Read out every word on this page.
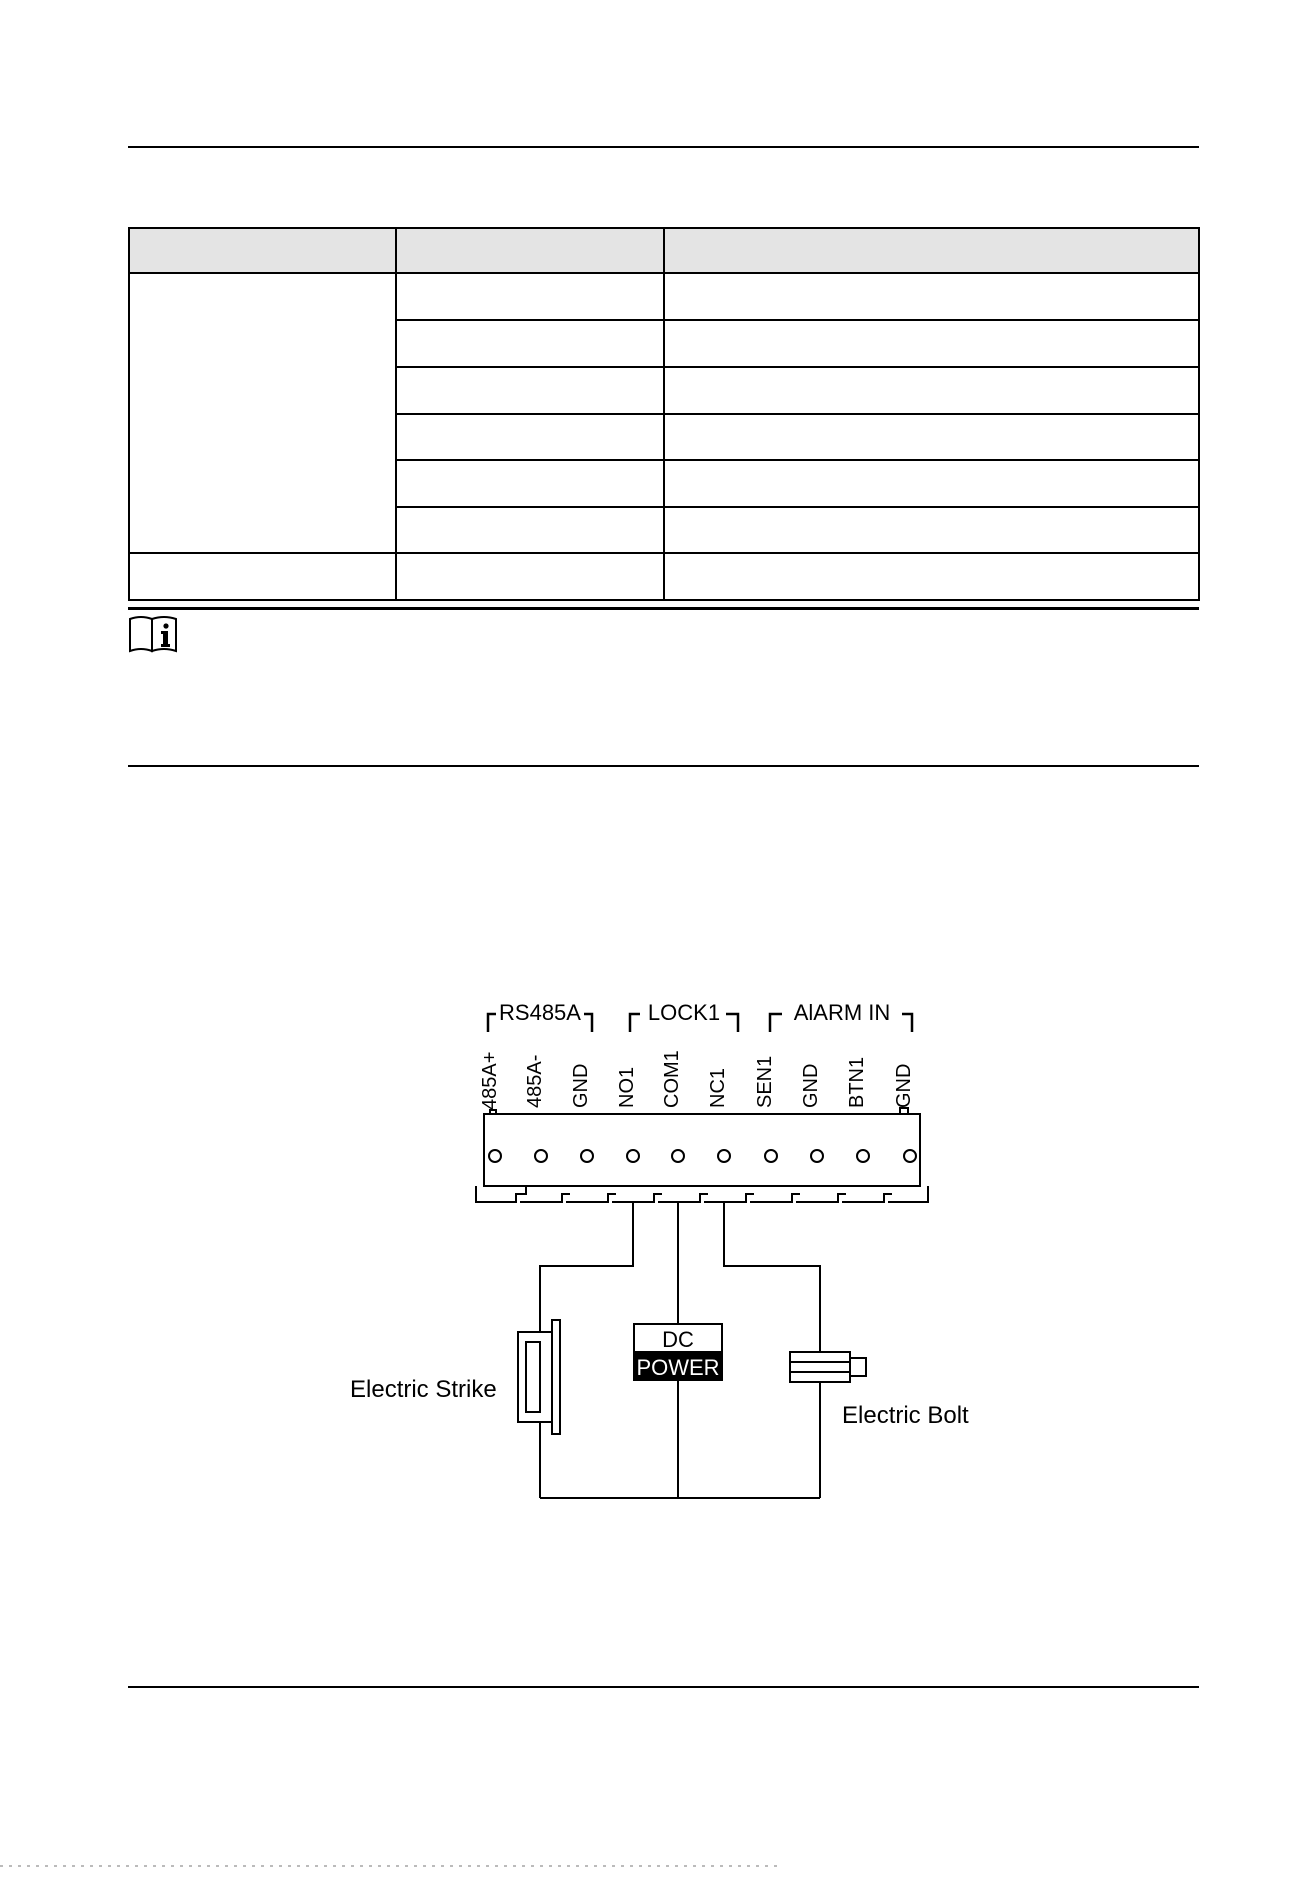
RS485A	LOCK1	AlARM IN
485A+ 485A- GND NO1 COM1 NC1 SEN1 GND BTN1 GND
Electric Strike
DC
POWER
Electric Bolt
